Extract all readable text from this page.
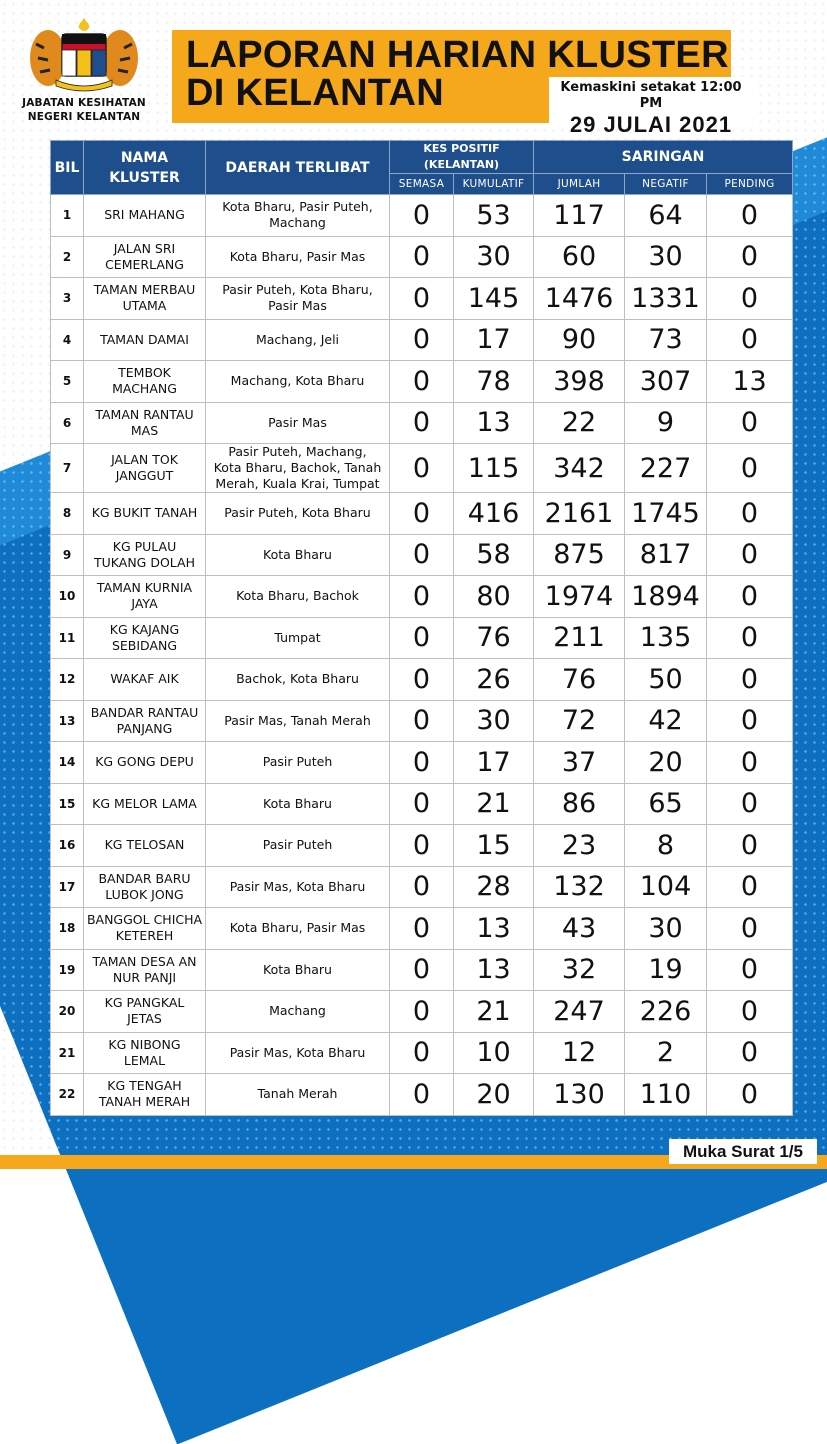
JABATAN KESIHATAN
NEGERI KELANTAN
LAPORAN HARIAN KLUSTER
DI KELANTAN	Kemaskini setakat 12:00 PM
29 JULAI 2021
BIL	NAMA
KLUSTER	DAERAH TERLIBAT	KES POSITIF
(KELANTAN)		SARINGAN		
			SEMASA	KUMULATIF	JUMLAH	NEGATIF	PENDING
1	SRI MAHANG	Kota Bharu, Pasir Puteh,
Machang	0	53	117	64	0
2	JALAN SRI
CEMERLANG	Kota Bharu, Pasir Mas	0	30	60	30	0
3	TAMAN MERBAU
UTAMA	Pasir Puteh, Kota Bharu,
Pasir Mas	0	145	1476	1331	0
4	TAMAN DAMAI	Machang, Jeli	0	17	90	73	0
5	TEMBOK
MACHANG	Machang, Kota Bharu	0	78	398	307	13
6	TAMAN RANTAU
MAS	Pasir Mas	0	13	22	9	0
7	JALAN TOK
JANGGUT	Pasir Puteh, Machang,
Kota Bharu, Bachok, Tanah
Merah, Kuala Krai, Tumpat	0	115	342	227	0
8	KG BUKIT TANAH	Pasir Puteh, Kota Bharu	0	416	2161	1745	0
9	KG PULAU
TUKANG DOLAH	Kota Bharu	0	58	875	817	0
10	TAMAN KURNIA
JAYA	Kota Bharu, Bachok	0	80	1974	1894	0
11	KG KAJANG
SEBIDANG	Tumpat	0	76	211	135	0
12	WAKAF AIK	Bachok, Kota Bharu	0	26	76	50	0
13	BANDAR RANTAU
PANJANG	Pasir Mas, Tanah Merah	0	30	72	42	0
14	KG GONG DEPU	Pasir Puteh	0	17	37	20	0
15	KG MELOR LAMA	Kota Bharu	0	21	86	65	0
16	KG TELOSAN	Pasir Puteh	0	15	23	8	0
17	BANDAR BARU
LUBOK JONG	Pasir Mas, Kota Bharu	0	28	132	104	0
18	BANGGOL CHICHA
KETEREH	Kota Bharu, Pasir Mas	0	13	43	30	0
19	TAMAN DESA AN
NUR PANJI	Kota Bharu	0	13	32	19	0
20	KG PANGKAL
JETAS	Machang	0	21	247	226	0
21	KG NIBONG
LEMAL	Pasir Mas, Kota Bharu	0	10	12	2	0
22	KG TENGAH
TANAH MERAH	Tanah Merah	0	20	130	110	0
Muka Surat 1/5
